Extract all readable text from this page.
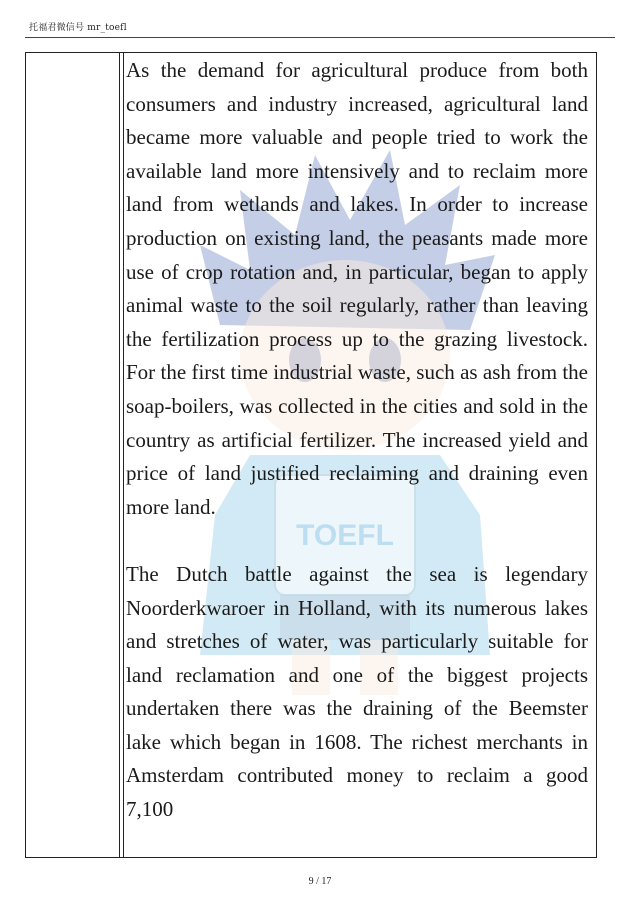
托福君微信号 mr_toefl
TOEFL

As the demand for agricultural produce from both consumers and industry increased, agricultural land became more valuable and people tried to work the available land more intensively and to reclaim more land from wetlands and lakes. In order to increase production on existing land, the peasants made more use of crop rotation and, in particular, began to apply animal waste to the soil regularly, rather than leaving the fertilization process up to the grazing livestock. For the first time industrial waste, such as ash from the soap-boilers, was collected in the cities and sold in the country as artificial fertilizer. The increased yield and price of land justified reclaiming and draining even more land.

The Dutch battle against the sea is legendary Noorderkwaroer in Holland, with its numerous lakes and stretches of water, was particularly suitable for land reclamation and one of the biggest projects undertaken there was the draining of the Beemster lake which began in 1608. The richest merchants in Amsterdam contributed money to reclaim a good 7,100

9 / 17
